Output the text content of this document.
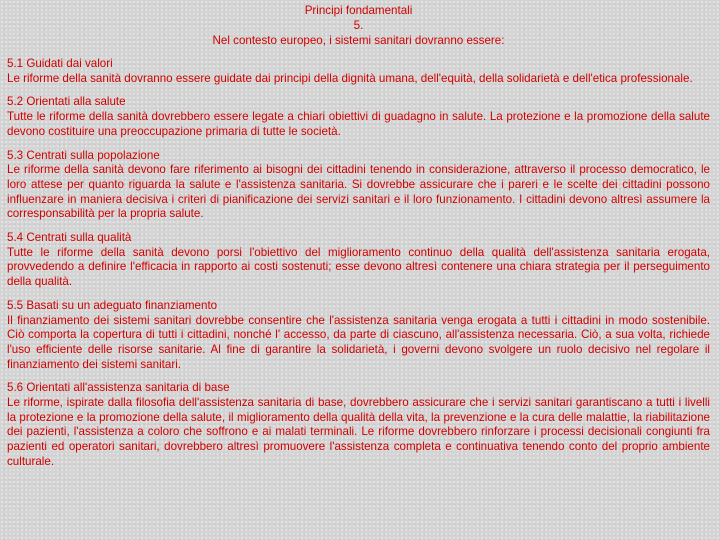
Principi fondamentali
5.
Nel contesto europeo, i sistemi sanitari dovranno essere:
5.1 Guidati dai valori
Le riforme della sanità dovranno essere guidate dai principi della dignità umana, dell'equità, della solidarietà e dell'etica professionale.
5.2 Orientati alla salute
Tutte le riforme della sanità dovrebbero essere legate a chiari obiettivi di guadagno in salute. La protezione e la promozione della salute devono costituire una preoccupazione primaria di tutte le società.
5.3 Centrati sulla popolazione
Le riforme della sanità devono fare riferimento ai bisogni dei cittadini tenendo in considerazione, attraverso il processo democratico, le loro attese per quanto riguarda la salute e l'assistenza sanitaria. Si dovrebbe assicurare che i pareri e le scelte dei cittadini possono influenzare in maniera decisiva i criteri di pianificazione dei servizi sanitari e il loro funzionamento. I cittadini devono altresì assumere la corresponsabilità per la propria salute.
5.4 Centrati sulla qualità
Tutte le riforme della sanità devono porsi l'obiettivo del miglioramento continuo della qualità dell'assistenza sanitaria erogata, provvedendo a definire l'efficacia in rapporto ai costi sostenuti; esse devono altresì contenere una chiara strategia per il perseguimento della qualità.
5.5 Basati su un adeguato finanziamento
Il finanziamento dei sistemi sanitari dovrebbe consentire che l'assistenza sanitaria venga erogata a tutti i cittadini in modo sostenibile. Ciò comporta la copertura di tutti i cittadini, nonché l' accesso, da parte di ciascuno, all'assistenza necessaria. Ciò, a sua volta, richiede l'uso efficiente delle risorse sanitarie. Al fine di garantire la solidarietà, i governi devono svolgere un ruolo decisivo nel regolare il finanziamento dei sistemi sanitari.
5.6 Orientati all'assistenza sanitaria di base
Le riforme, ispirate dalla filosofia dell'assistenza sanitaria di base, dovrebbero assicurare che i servizi sanitari garantiscano a tutti i livelli la protezione e la promozione della salute, il miglioramento della qualità della vita, la prevenzione e la cura delle malattie, la riabilitazione dei pazienti, l'assistenza a coloro che soffrono e ai malati terminali. Le riforme dovrebbero rinforzare i processi decisionali congiunti fra pazienti ed operatori sanitari, dovrebbero altresì promuovere l'assistenza completa e continuativa tenendo conto del proprio ambiente culturale.
